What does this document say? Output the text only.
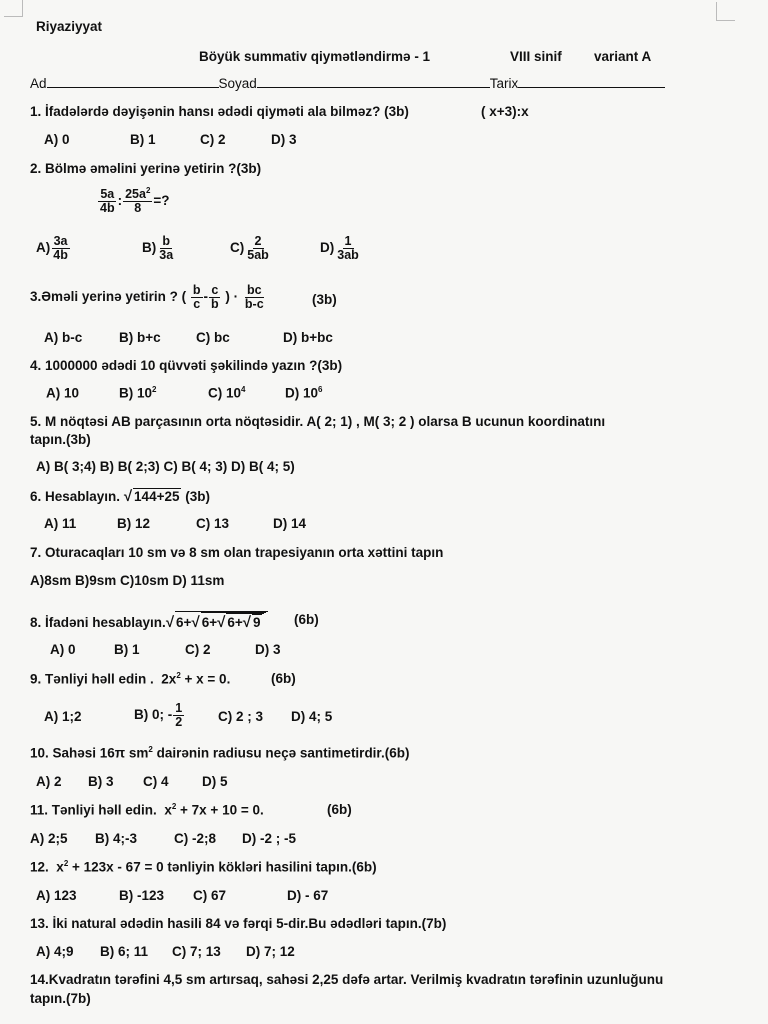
Riyaziyyat
Böyük summativ qiymətləndirmə - 1	VIII sinif variant A
Ad	Soyad	Tarix
1. İfadələrdə dəyişənin hansı ədədi qiyməti ala bilməz? (3b)	( x+3):x
A) 0	B) 1	C) 2	D) 3
2. Bölmə əməlini yerinə yetirin ?(3b)
$\frac{5a}{4b}$ : $\frac{25a^2}{8}$ =?
$A) \frac{3a}{4b}$	$B) \frac{b}{3a}$	$C) \frac{2}{5ab}$	$D) \frac{1}{3ab}$
3.Əməli yerinə yetirin ? ( $\frac{b}{c} - \frac{c}{b}$ ) · $\frac{bc}{b-c}$	(3b)
A) b-c	B) b+c	C) bc	D) b+bc
4. 1000000 ədədi 10 qüvvəti şəkilində yazın ?(3b)
A) 10	B) $10^2$	C) $10^4$	D) $10^6$
5. M nöqtəsi AB parçasının orta nöqtəsidir. A( 2; 1) , M( 3; 2 ) olarsa B ucunun koordinatını
tapın.(3b)
A) B( 3;4) B) B( 2;3) C) B( 4; 3) D) B( 4; 5)
6. Hesablayın. √ 144+25 (3b)
A) 11	B) 12	C) 13	D) 14
7. Oturacaqları 10 sm və 8 sm olan trapesiyanın orta xəttini tapın
A)8sm B)9sm C)10sm D) 11sm
8. İfadəni hesablayın.√ 6+√ 6+√ 6+√ 9	(6b)
A) 0	B) 1	C) 2	D) 3
9. Tənliyi həll edin . $2x^2 + x = 0$.	(6b)
A) 1;2	B) 0; - $\frac{1}{2}$	C) 2 ; 3 D) 4; 5
10. Sahəsi 16π $sm^2$ dairənin radiusu neçə santimetirdir.(6b)
A) 2 B) 3 C) 4 D) 5
11. Tənliyi həll edin. $x^2 + 7x + 10 = 0$.	(6b)
A) 2;5 B) 4;-3	C) -2;8 D) -2 ; -5
12. $x^2 + 123x - 67 = 0$ tənliyin kökləri hasilini tapın.(6b)
A) 123	B) -123 C) 67	D) - 67
13. İki natural ədədin hasili 84 və fərqi 5-dir.Bu ədədləri tapın.(7b)
A) 4;9 B) 6; 11 C) 7; 13 D) 7; 12
14.Kvadratın tərəfini 4,5 sm artırsaq, sahəsi 2,25 dəfə artar. Verilmiş kvadratın tərəfinin uzunluğunu
tapın.(7b)
